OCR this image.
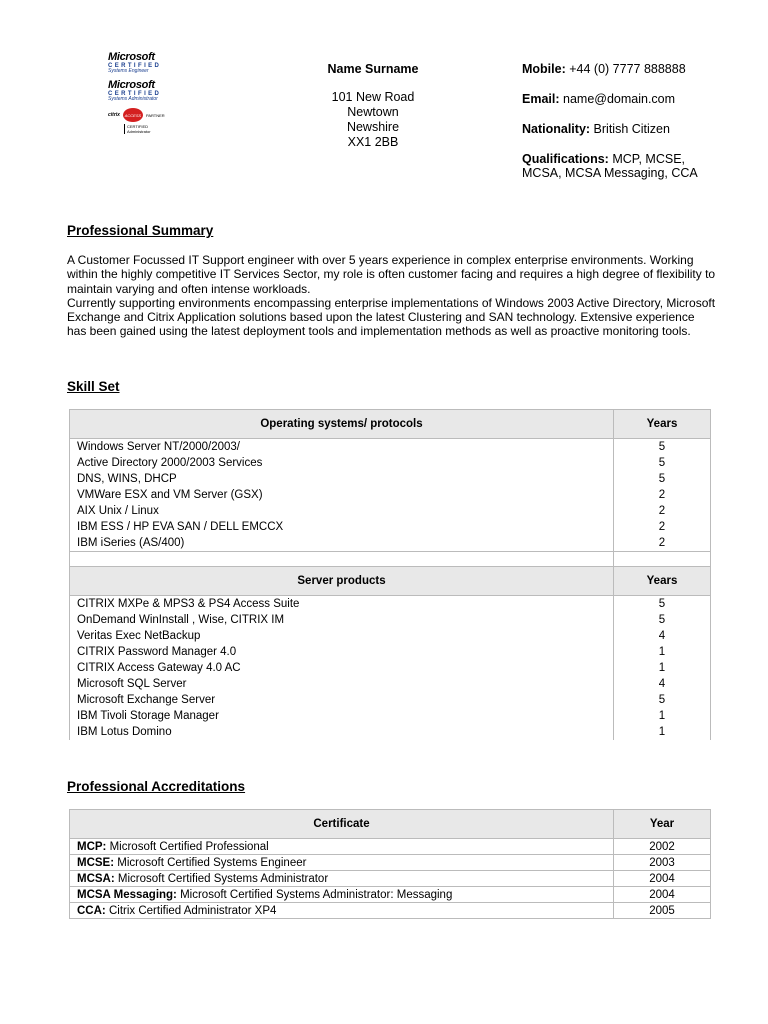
Microsoft
CERTIFIED
Systems Engineer
Microsoft
CERTIFIED
Systems Administrator
citrix	ACCESS	PARTNER
CERTIFIED
Administrator
Name Surname
101 New Road
Newtown
Newshire
XX1 2BB
Mobile: +44 (0) 7777 888888
Email: name@domain.com
Nationality: British Citizen
Qualifications: MCP, MCSE, MCSA, MCSA Messaging, CCA
Professional Summary
A Customer Focussed IT Support engineer with over 5 years experience in complex enterprise environments. Working within the highly competitive IT Services Sector, my role is often customer facing and requires a high degree of flexibility to maintain varying and often intense workloads.
Currently supporting environments encompassing enterprise implementations of Windows 2003 Active Directory, Microsoft Exchange and Citrix Application solutions based upon the latest Clustering and SAN technology. Extensive experience has been gained using the latest deployment tools and implementation methods as well as proactive monitoring tools.
Skill Set
Operating systems/ protocols	Years
Windows Server NT/2000/2003/	5
Active Directory 2000/2003 Services	5
DNS, WINS, DHCP	5
VMWare ESX and VM Server (GSX)	2
AIX Unix / Linux	2
IBM ESS / HP EVA SAN / DELL EMCCX	2
IBM iSeries (AS/400)	2

Server products	Years
CITRIX MXPe & MPS3 & PS4 Access Suite	5
OnDemand WinInstall , Wise, CITRIX IM	5
Veritas Exec NetBackup	4
CITRIX Password Manager 4.0	1
CITRIX Access Gateway 4.0 AC	1
Microsoft SQL Server	4
Microsoft Exchange Server	5
IBM Tivoli Storage Manager	1
IBM Lotus Domino	1
Professional Accreditations
Certificate	Year
MCP: Microsoft Certified Professional	2002
MCSE: Microsoft Certified Systems Engineer	2003
MCSA: Microsoft Certified Systems Administrator	2004
MCSA Messaging: Microsoft Certified Systems Administrator: Messaging	2004
CCA: Citrix Certified Administrator XP4	2005
